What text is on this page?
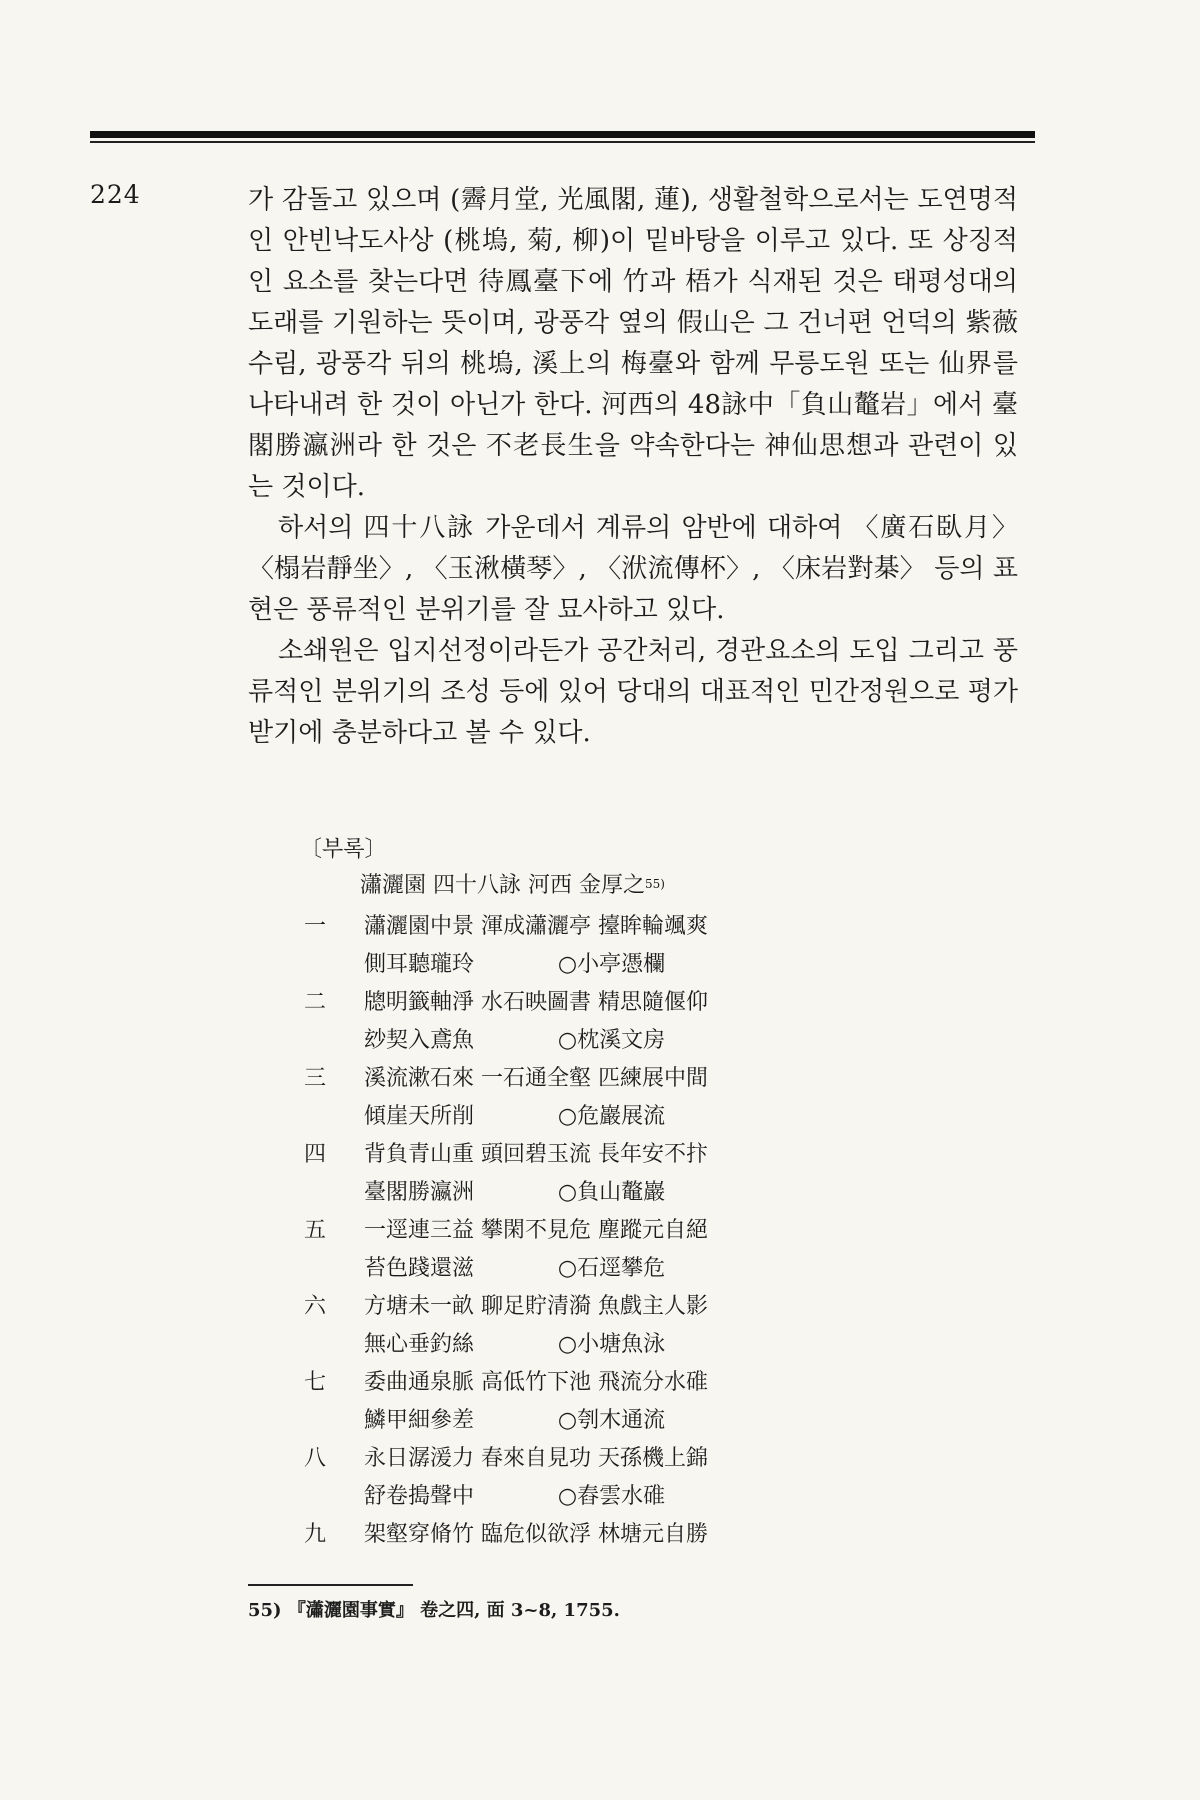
224	가 감돌고 있으며 (霽月堂, 光風閣, 蓮), 생활철학으로서는 도연명적인 안빈낙도사상 (桃塢, 菊, 柳)이 밑바탕을 이루고 있다. 또 상징적인 요소를 찾는다면 待鳳臺下에 竹과 梧가 식재된 것은 태평성대의 도래를 기원하는 뜻이며, 광풍각 옆의 假山은 그 건너편 언덕의 紫薇수림, 광풍각 뒤의 桃塢, 溪上의 梅臺와 함께 무릉도원 또는 仙界를 나타내려 한 것이 아닌가 한다. 河西의 48詠中「負山鼇岩」에서 臺閣勝瀛洲라 한 것은 不老長生을 약속한다는 神仙思想과 관련이 있는 것이다.

하서의 四十八詠 가운데서 계류의 암반에 대하여 〈廣石臥月〉〈榻岩靜坐〉, 〈玉湫橫琴〉, 〈洑流傳杯〉, 〈床岩對棊〉 등의 표현은 풍류적인 분위기를 잘 묘사하고 있다.

소쇄원은 입지선정이라든가 공간처리, 경관요소의 도입 그리고 풍류적인 분위기의 조성 등에 있어 당대의 대표적인 민간정원으로 평가받기에 충분하다고 볼 수 있다.

〔부록〕
瀟灑園 四十八詠 河西 金厚之$^{55)}$
一	瀟灑園中景 渾成瀟灑亭 擡眸輪颯爽
側耳聽瓏玲            ○小亭憑欄
二	牕明籤軸淨 水石映圖書 精思隨偃仰
玅契入鳶魚            ○枕溪文房
三	溪流漱石來 一石通全壑 匹練展中間
傾崖天所削            ○危巖展流
四	背負青山重 頭回碧玉流 長年安不抃
臺閣勝瀛洲            ○負山鼇巖
五	一逕連三益 攀閑不見危 塵蹤元自絕
苔色踐還滋            ○石逕攀危
六	方塘未一畝 聊足貯清漪 魚戲主人影
無心垂釣絲            ○小塘魚泳
七	委曲通泉脈 高低竹下池 飛流分水碓
鱗甲細參差            ○刳木通流
八	永日潺湲力 春來自見功 天孫機上錦
舒卷搗聲中            ○舂雲水碓
九	架壑穿脩竹 臨危似欲浮 林塘元自勝
55) 『瀟灑園事實』 卷之四, 面 3~8, 1755.
